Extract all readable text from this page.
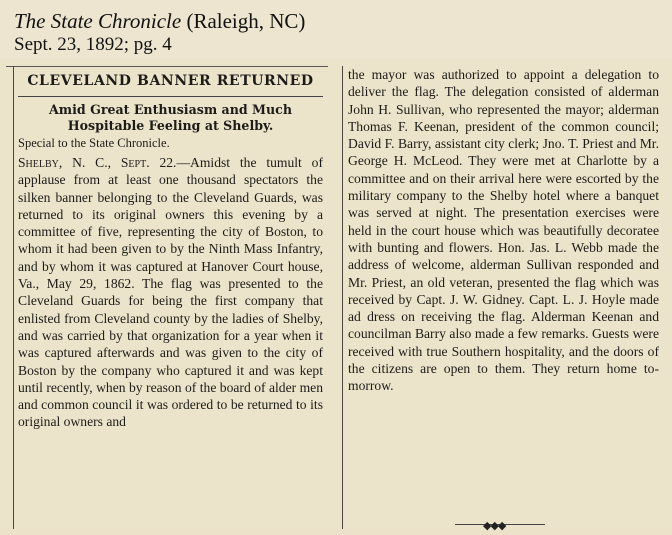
The State Chronicle (Raleigh, NC)
Sept. 23, 1892; pg. 4
CLEVELAND BANNER RETURNED
Amid Great Enthusiasm and Much Hospitable Feeling at Shelby.
Special to the State Chronicle.

Shelby, N. C., Sept. 22.—Amidst the tumult of applause from at least one thousand spectators the silken banner belonging to the Cleveland Guards, was returned to its original owners this evening by a committee of five, representing the city of Boston, to whom it had been given to by the Ninth Mass Infantry, and by whom it was captured at Hanover Court house, Va., May 29, 1862. The flag was presented to the Cleveland Guards for being the first company that enlisted from Cleveland county by the ladies of Shelby, and was carried by that organization for a year when it was captured afterwards and was given to the city of Boston by the company who captured it and was kept until recently, when by reason of the board of alder men and common council it was ordered to be returned to its original owners and

the mayor was authorized to appoint a delegation to deliver the flag. The delegation consisted of alderman John H. Sullivan, who represented the mayor; alderman Thomas F. Keenan, president of the common council; David F. Barry, assistant city clerk; Jno. T. Priest and Mr. George H. McLeod. They were met at Charlotte by a committee and on their arrival here were escorted by the military company to the Shelby hotel where a banquet was served at night. The presentation exercises were held in the court house which was beautifully decoratee with bunting and flowers. Hon. Jas. L. Webb made the address of welcome, alderman Sullivan responded and Mr. Priest, an old veteran, presented the flag which was received by Capt. J. W. Gidney. Capt. L. J. Hoyle made ad dress on receiving the flag. Alderman Keenan and councilman Barry also made a few remarks. Guests were received with true Southern hospitality, and the doors of the citizens are open to them. They return home to-morrow.

◆◆◆
